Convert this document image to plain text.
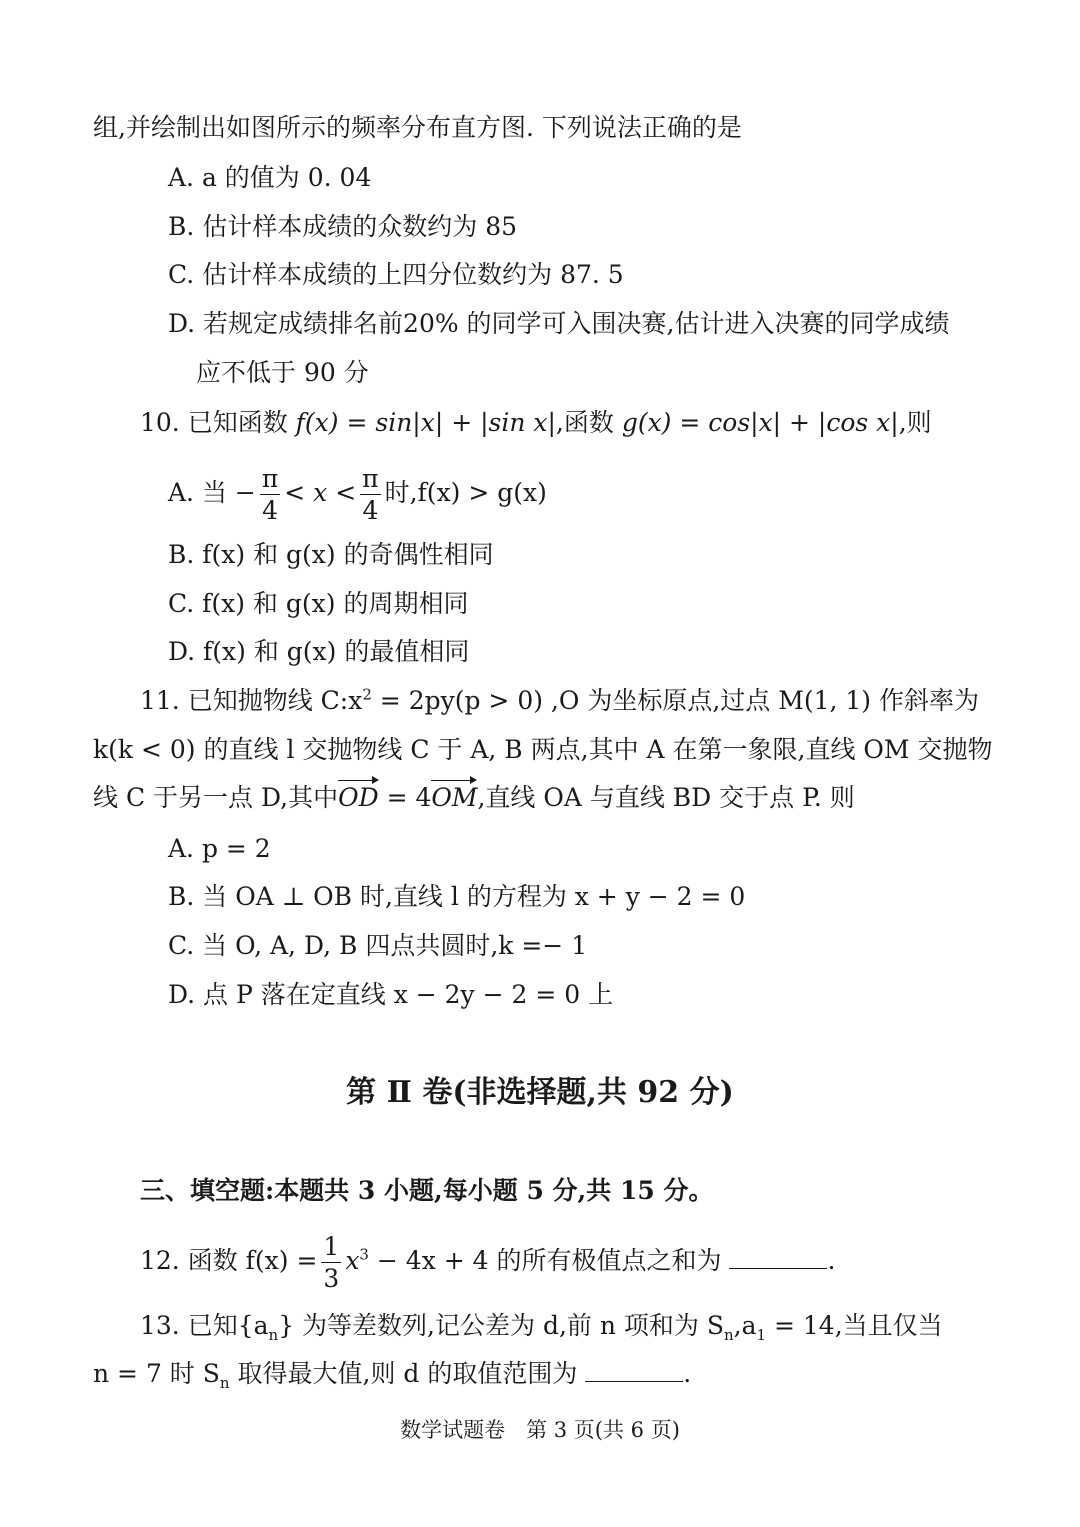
组,并绘制出如图所示的频率分布直方图. 下列说法正确的是
A. a 的值为 0. 04
B. 估计样本成绩的众数约为 85
C. 估计样本成绩的上四分位数约为 87. 5
D. 若规定成绩排名前20% 的同学可入围决赛,估计进入决赛的同学成绩
应不低于 90 分
10. 已知函数 f(x) = sin|x| + |sin x|,函数 g(x) = cos|x| + |cos x|,则
A. 当 − $\frac{\pi}{4} < x < \frac{\pi}{4}$ 时,f(x) > g(x)
B. f(x) 和 g(x) 的奇偶性相同
C. f(x) 和 g(x) 的周期相同
D. f(x) 和 g(x) 的最值相同
11. 已知抛物线 $C:x^2 = 2py(p > 0)$ ,O 为坐标原点,过点 M(1, 1) 作斜率为
k(k < 0) 的直线 l 交抛物线 C 于 A, B 两点,其中 A 在第一象限,直线 OM 交抛物
线 C 于另一点 D,其中OD = 4OM,直线 OA 与直线 BD 交于点 P. 则
A. p = 2
B. 当 OA ⊥ OB 时,直线 l 的方程为 x + y − 2 = 0
C. 当 O, A, D, B 四点共圆时,k =− 1
D. 点 P 落在定直线 x − 2y − 2 = 0 上
第 Ⅱ 卷(非选择题,共 92 分)
三、填空题:本题共 3 小题,每小题 5 分,共 15 分。
12. 函数 $f(x) = \frac{1}{3} x^3 - 4x + 4$ 的所有极值点之和为	.
13. 已知$\{a_n\}$ 为等差数列,记公差为 d,前 n 项和为 $S_n,a_1 = 14$,当且仅当
n = 7 时 $S_n$ 取得最大值,则 d 的取值范围为	.
数学试题卷　第 3 页(共 6 页)
